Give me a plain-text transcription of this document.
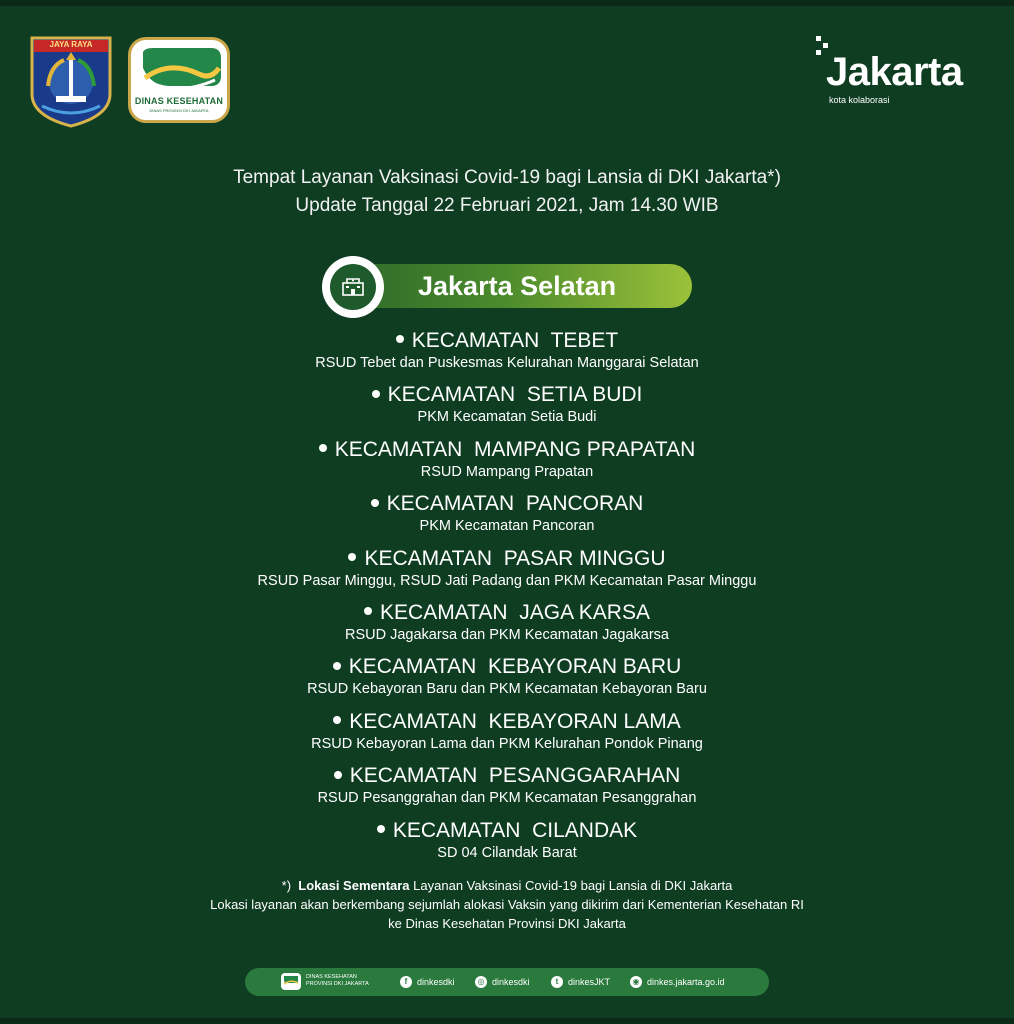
JAYA RAYA
DINAS KESEHATAN
DINAS PROVINSI DKI JAKARTA
Jakarta
kota kolaborasi
Tempat Layanan Vaksinasi Covid-19 bagi Lansia di DKI Jakarta*)
Update Tanggal 22 Februari 2021, Jam 14.30 WIB
Jakarta Selatan
KECAMATAN  TEBET
RSUD Tebet dan Puskesmas Kelurahan Manggarai Selatan
KECAMATAN  SETIA BUDI
PKM Kecamatan Setia Budi
KECAMATAN  MAMPANG PRAPATAN
RSUD Mampang Prapatan
KECAMATAN  PANCORAN
PKM Kecamatan Pancoran
KECAMATAN  PASAR MINGGU
RSUD Pasar Minggu, RSUD Jati Padang dan PKM Kecamatan Pasar Minggu
KECAMATAN  JAGA KARSA
RSUD Jagakarsa dan PKM Kecamatan Jagakarsa
KECAMATAN  KEBAYORAN BARU
RSUD Kebayoran Baru dan PKM Kecamatan Kebayoran Baru
KECAMATAN  KEBAYORAN LAMA
RSUD Kebayoran Lama dan PKM Kelurahan Pondok Pinang
KECAMATAN  PESANGGARAHAN
RSUD Pesanggrahan dan PKM Kecamatan Pesanggrahan
KECAMATAN  CILANDAK
SD 04 Cilandak Barat
*) Lokasi Sementara Layanan Vaksinasi Covid-19 bagi Lansia di DKI Jakarta
Lokasi layanan akan berkembang sejumlah alokasi Vaksin yang dikirim dari Kementerian Kesehatan RI
ke Dinas Kesehatan Provinsi DKI Jakarta
DINAS KESEHATAN
PROVINSI DKI JAKARTA	f	dinkesdki	◎ dinkesdki	t	dinkesJKT	◉ dinkes.jakarta.go.id
